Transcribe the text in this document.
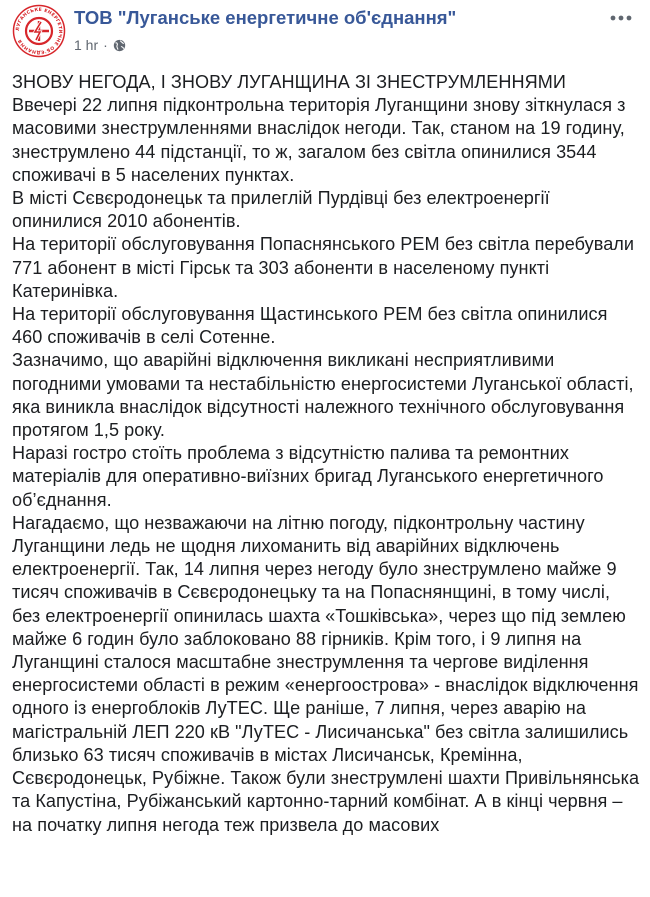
ЛУГАНСЬКЕ ЕНЕРГЕТИЧНЕ ОБ'ЄДНАННЯ
ТОВ "Луганське енергетичне об'єднання"
1 hr ·

ЗНОВУ НЕГОДА, І ЗНОВУ ЛУГАНЩИНА ЗІ ЗНЕСТРУМЛЕННЯМИ

Ввечері 22 липня підконтрольна територія Луганщини знову зіткнулася з масовими знеструмленнями внаслідок негоди. Так, станом на 19 годину, знеструмлено 44 підстанції, то ж, загалом без світла опинилися 3544 споживачі в 5 населених пунктах.

В місті Сєвєродонецьк та прилеглій Пурдівці без електроенергії опинилися 2010 абонентів.

На території обслуговування Попаснянського РЕМ без світла перебували 771 абонент в місті Гірськ та 303 абоненти в населеному пункті Катеринівка.

На території обслуговування Щастинського РЕМ без світла опинилися 460 споживачів в селі Сотенне.

Зазначимо, що аварійні відключення викликані несприятливими погодними умовами та нестабільністю енергосистеми Луганської області, яка виникла внаслідок відсутності належного технічного обслуговування протягом 1,5 року.

Наразі гостро стоїть проблема з відсутністю палива та ремонтних матеріалів для оперативно-виїзних бригад Луганського енергетичного об’єднання.

Нагадаємо, що незважаючи на літню погоду, підконтрольну частину Луганщини ледь не щодня лихоманить від аварійних відключень електроенергії. Так, 14 липня через негоду було знеструмлено майже 9 тисяч споживачів в Сєвєродонецьку та на Попаснянщині, в тому числі, без електроенергії опинилась шахта «Тошківська», через що під землею майже 6 годин було заблоковано 88 гірників. Крім того, і 9 липня на Луганщині сталося масштабне знеструмлення та чергове виділення енергосистеми області в режим «енергоострова» - внаслідок відключення одного із енергоблоків ЛуТЕС. Ще раніше, 7 липня, через аварію на магістральній ЛЕП 220 кВ "ЛуТЕС - Лисичанська" без світла залишились близько 63 тисяч споживачів в містах Лисичанськ, Кремінна, Сєвєродонецьк, Рубіжне. Також були знеструмлені шахти Привільнянська та Капустіна, Рубіжанський картонно-тарний комбінат. А в кінці червня – на початку липня негода теж призвела до масових
